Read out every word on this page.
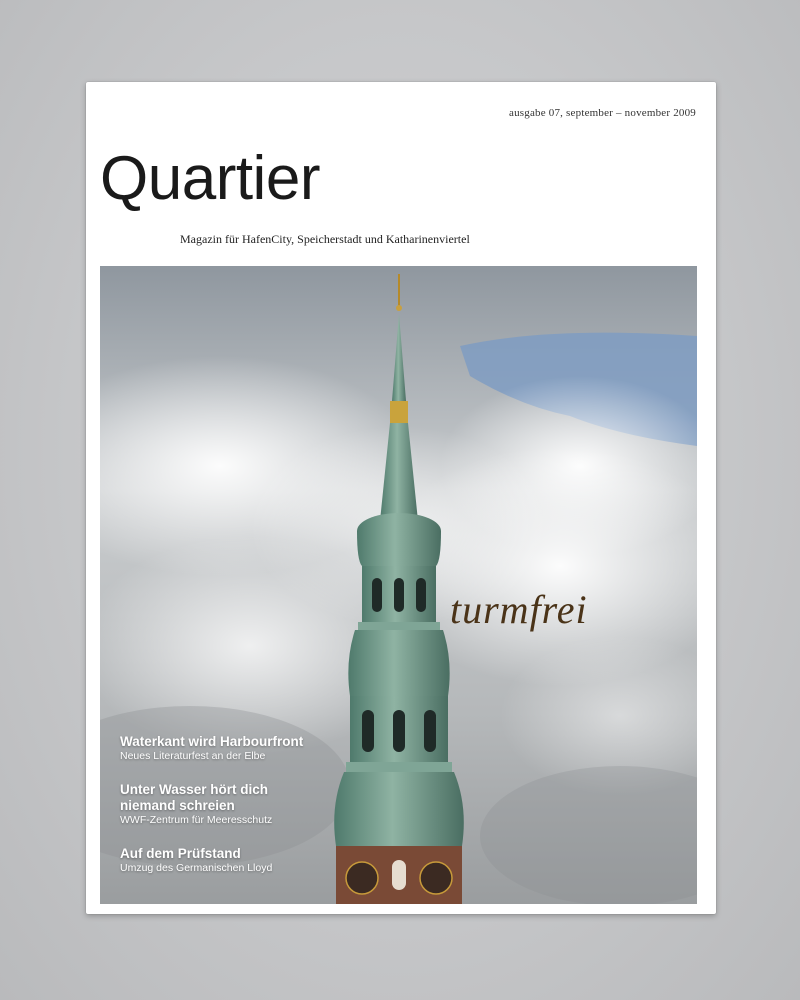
ausgabe 07, september – november 2009
Quartier
Magazin für HafenCity, Speicherstadt und Katharinenviertel
turmfrei
Waterkant wird Harbourfront
Neues Literaturfest an der Elbe
Unter Wasser hört dich niemand schreien
WWF-Zentrum für Meeresschutz
Auf dem Prüfstand
Umzug des Germanischen Lloyd
